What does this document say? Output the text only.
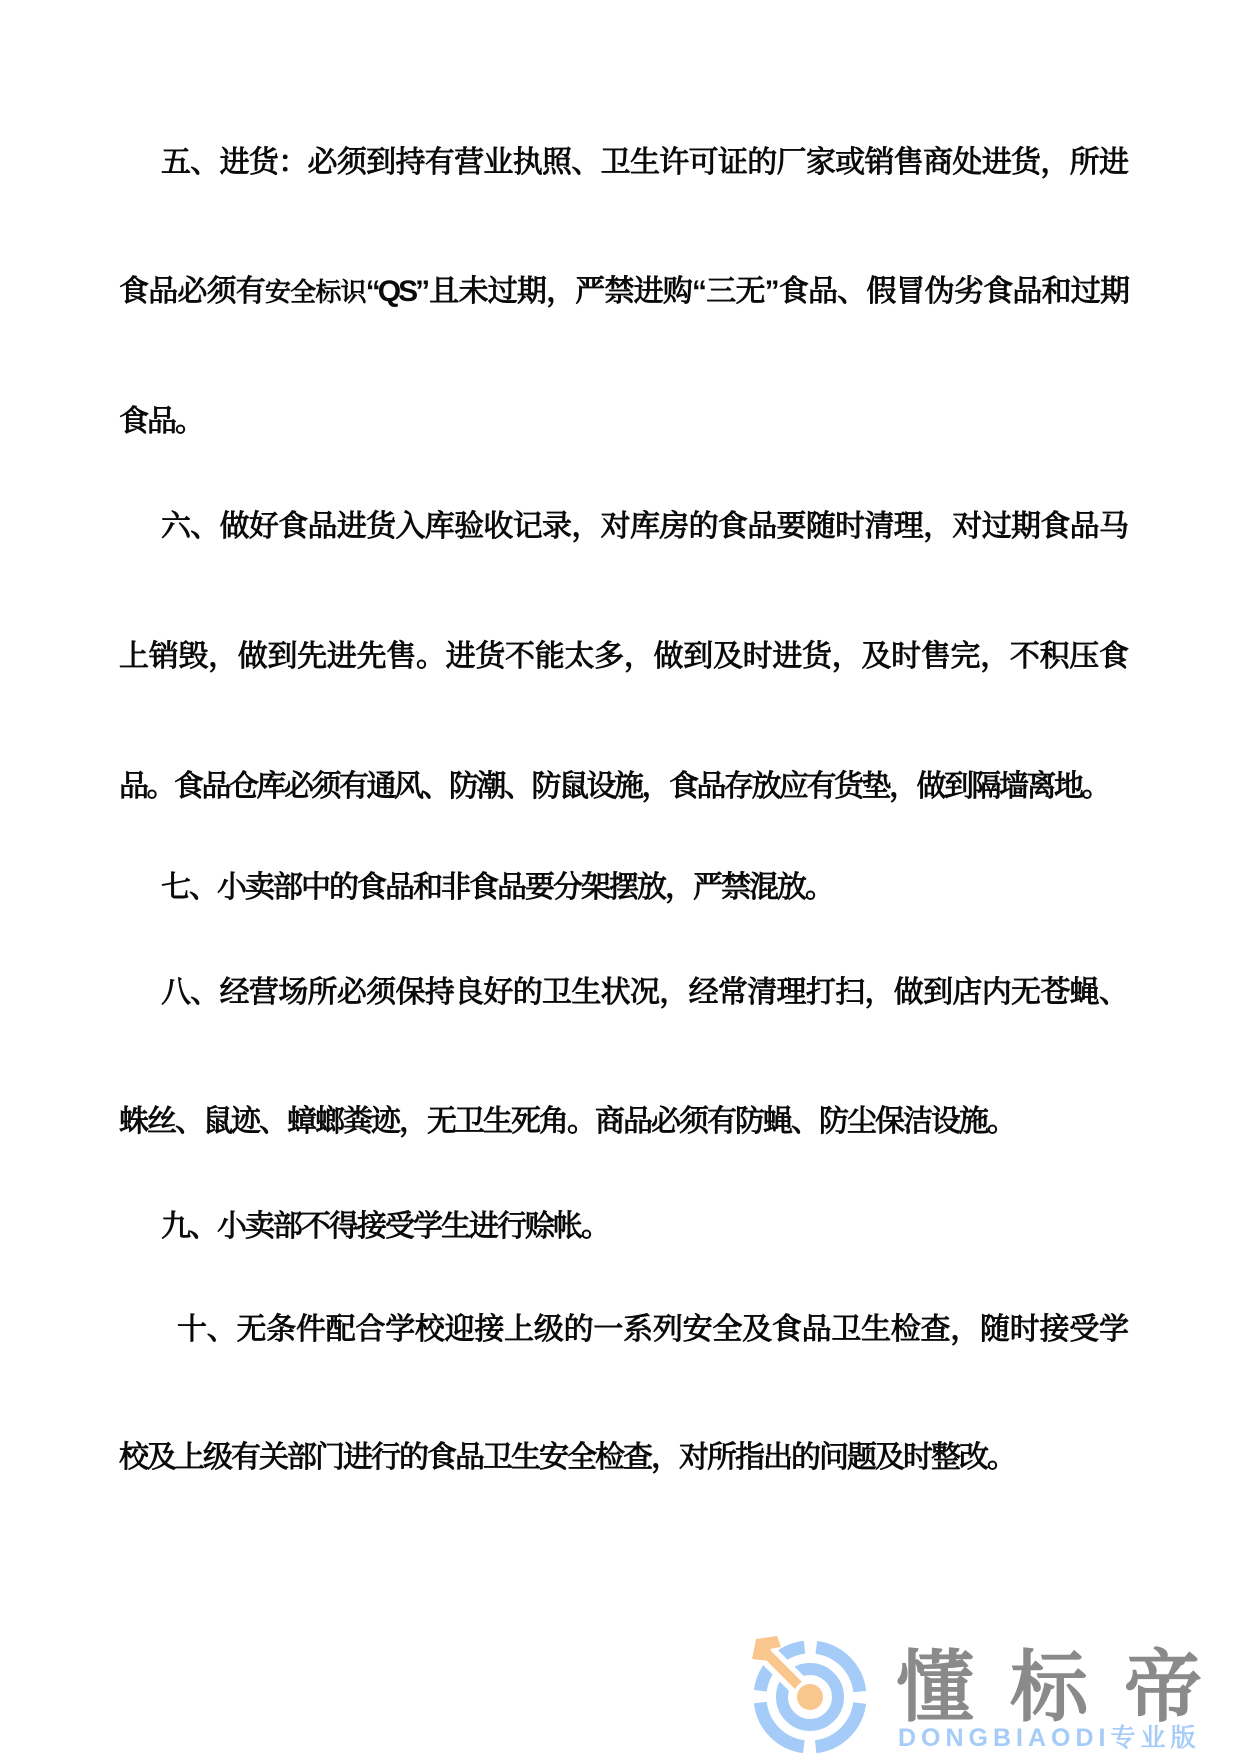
五、进货：必须到持有营业执照、卫生许可证的厂家或销售商处进货，所进
食品必须有安全标识“QS”且未过期，严禁进购“三无”食品、假冒伪劣食品和过期
食品。
六、做好食品进货入库验收记录，对库房的食品要随时清理，对过期食品马
上销毁，做到先进先售。进货不能太多，做到及时进货，及时售完，不积压食
品。食品仓库必须有通风、防潮、防鼠设施，食品存放应有货垫，做到隔墙离地。
七、小卖部中的食品和非食品要分架摆放，严禁混放。
八、经营场所必须保持良好的卫生状况，经常清理打扫，做到店内无苍蝇、
蛛丝、鼠迹、蟑螂粪迹，无卫生死角。商品必须有防蝇、防尘保洁设施。
九、小卖部不得接受学生进行赊帐。
十、无条件配合学校迎接上级的一系列安全及食品卫生检查，随时接受学
校及上级有关部门进行的食品卫生安全检查，对所指出的问题及时整改。
懂标帝
DONGBIAODI专业版
